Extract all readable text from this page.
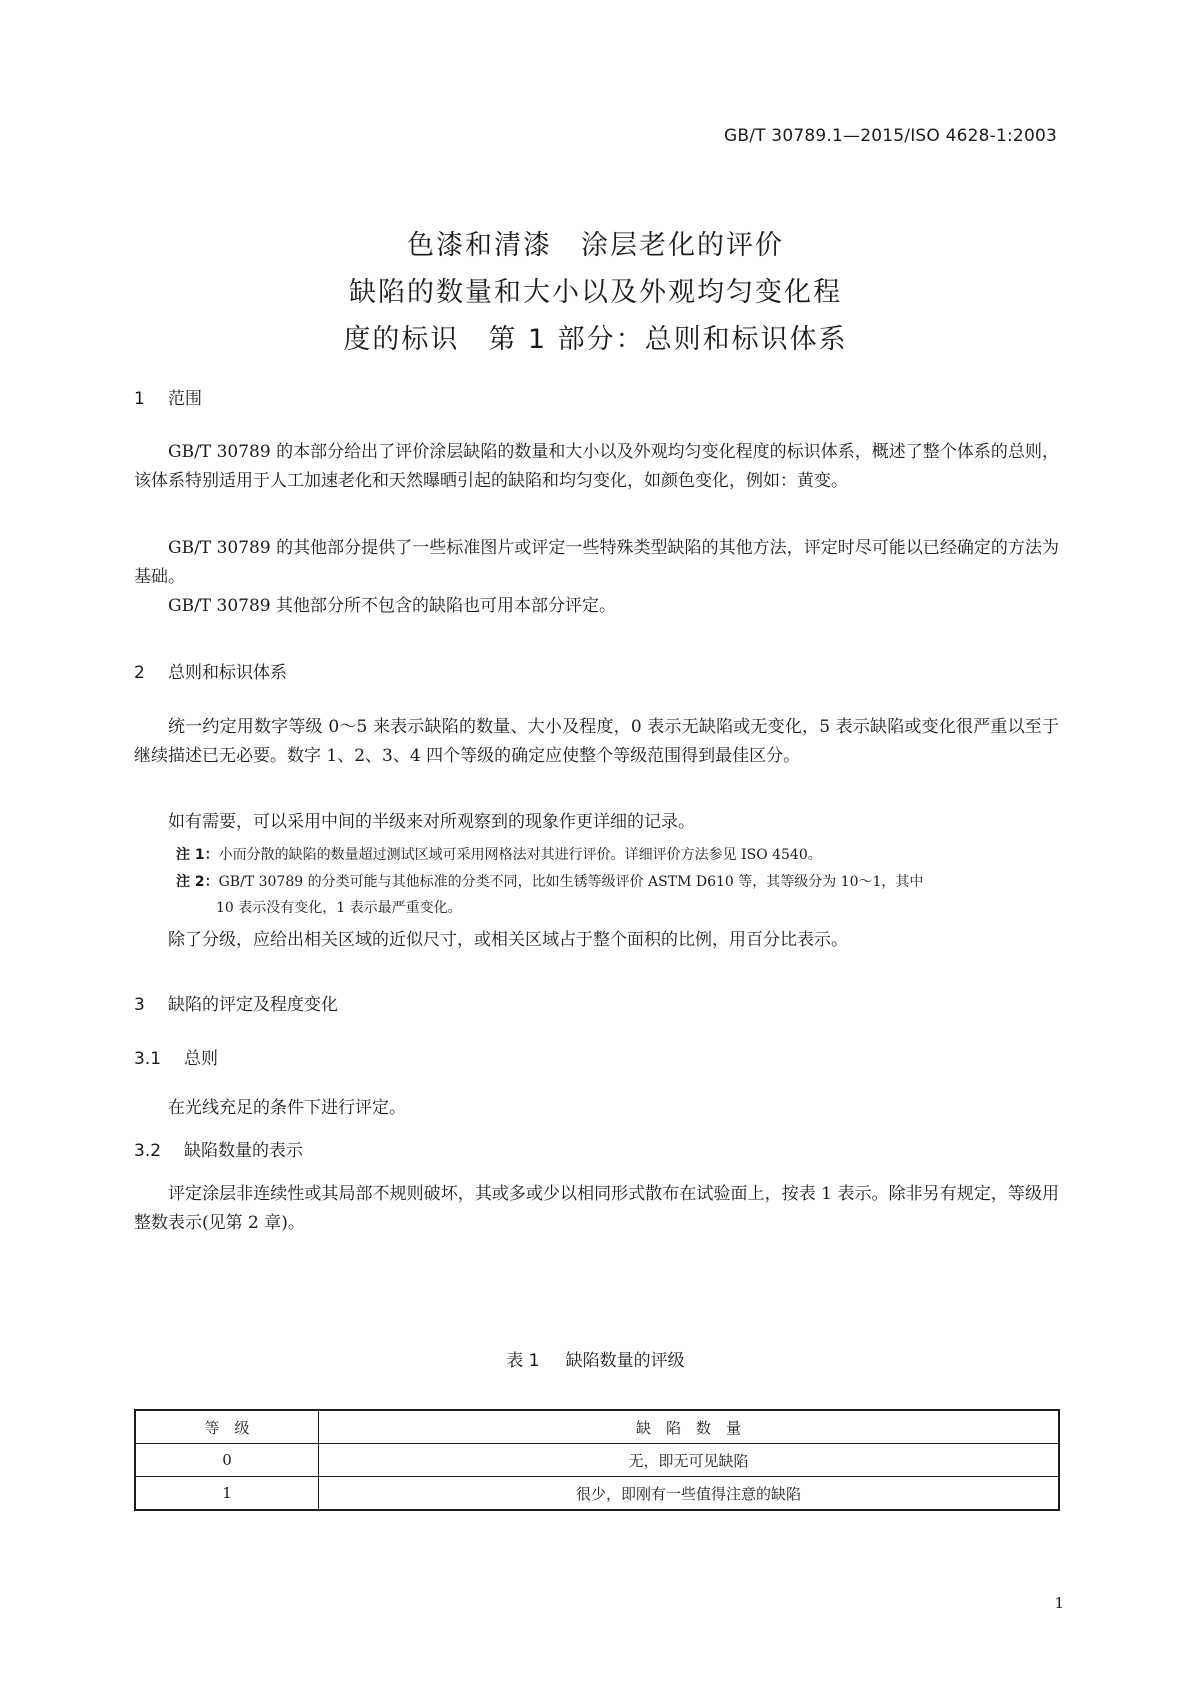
GB/T 30789.1—2015/ISO 4628-1:2003
色漆和清漆　涂层老化的评价
缺陷的数量和大小以及外观均匀变化程
度的标识　第 1 部分：总则和标识体系
1 范围
GB/T 30789 的本部分给出了评价涂层缺陷的数量和大小以及外观均匀变化程度的标识体系，概述了整个体系的总则，该体系特别适用于人工加速老化和天然曝晒引起的缺陷和均匀变化，如颜色变化，例如：黄变。
GB/T 30789 的其他部分提供了一些标准图片或评定一些特殊类型缺陷的其他方法，评定时尽可能以已经确定的方法为基础。
GB/T 30789 其他部分所不包含的缺陷也可用本部分评定。
2 总则和标识体系
统一约定用数字等级 0～5 来表示缺陷的数量、大小及程度，0 表示无缺陷或无变化，5 表示缺陷或变化很严重以至于继续描述已无必要。数字 1、2、3、4 四个等级的确定应使整个等级范围得到最佳区分。
如有需要，可以采用中间的半级来对所观察到的现象作更详细的记录。
注 1：小而分散的缺陷的数量超过测试区域可采用网格法对其进行评价。详细评价方法参见 ISO 4540。
注 2：GB/T 30789 的分类可能与其他标准的分类不同，比如生锈等级评价 ASTM D610 等，其等级分为 10～1，其中
10 表示没有变化，1 表示最严重变化。
除了分级，应给出相关区域的近似尺寸，或相关区域占于整个面积的比例，用百分比表示。
3 缺陷的评定及程度变化
3.1 总则
在光线充足的条件下进行评定。
3.2 缺陷数量的表示
评定涂层非连续性或其局部不规则破坏，其或多或少以相同形式散布在试验面上，按表 1 表示。除非另有规定，等级用整数表示(见第 2 章)。
表 1 缺陷数量的评级
等　级	缺　陷　数　量
0	无，即无可见缺陷
1	很少，即刚有一些值得注意的缺陷
1
